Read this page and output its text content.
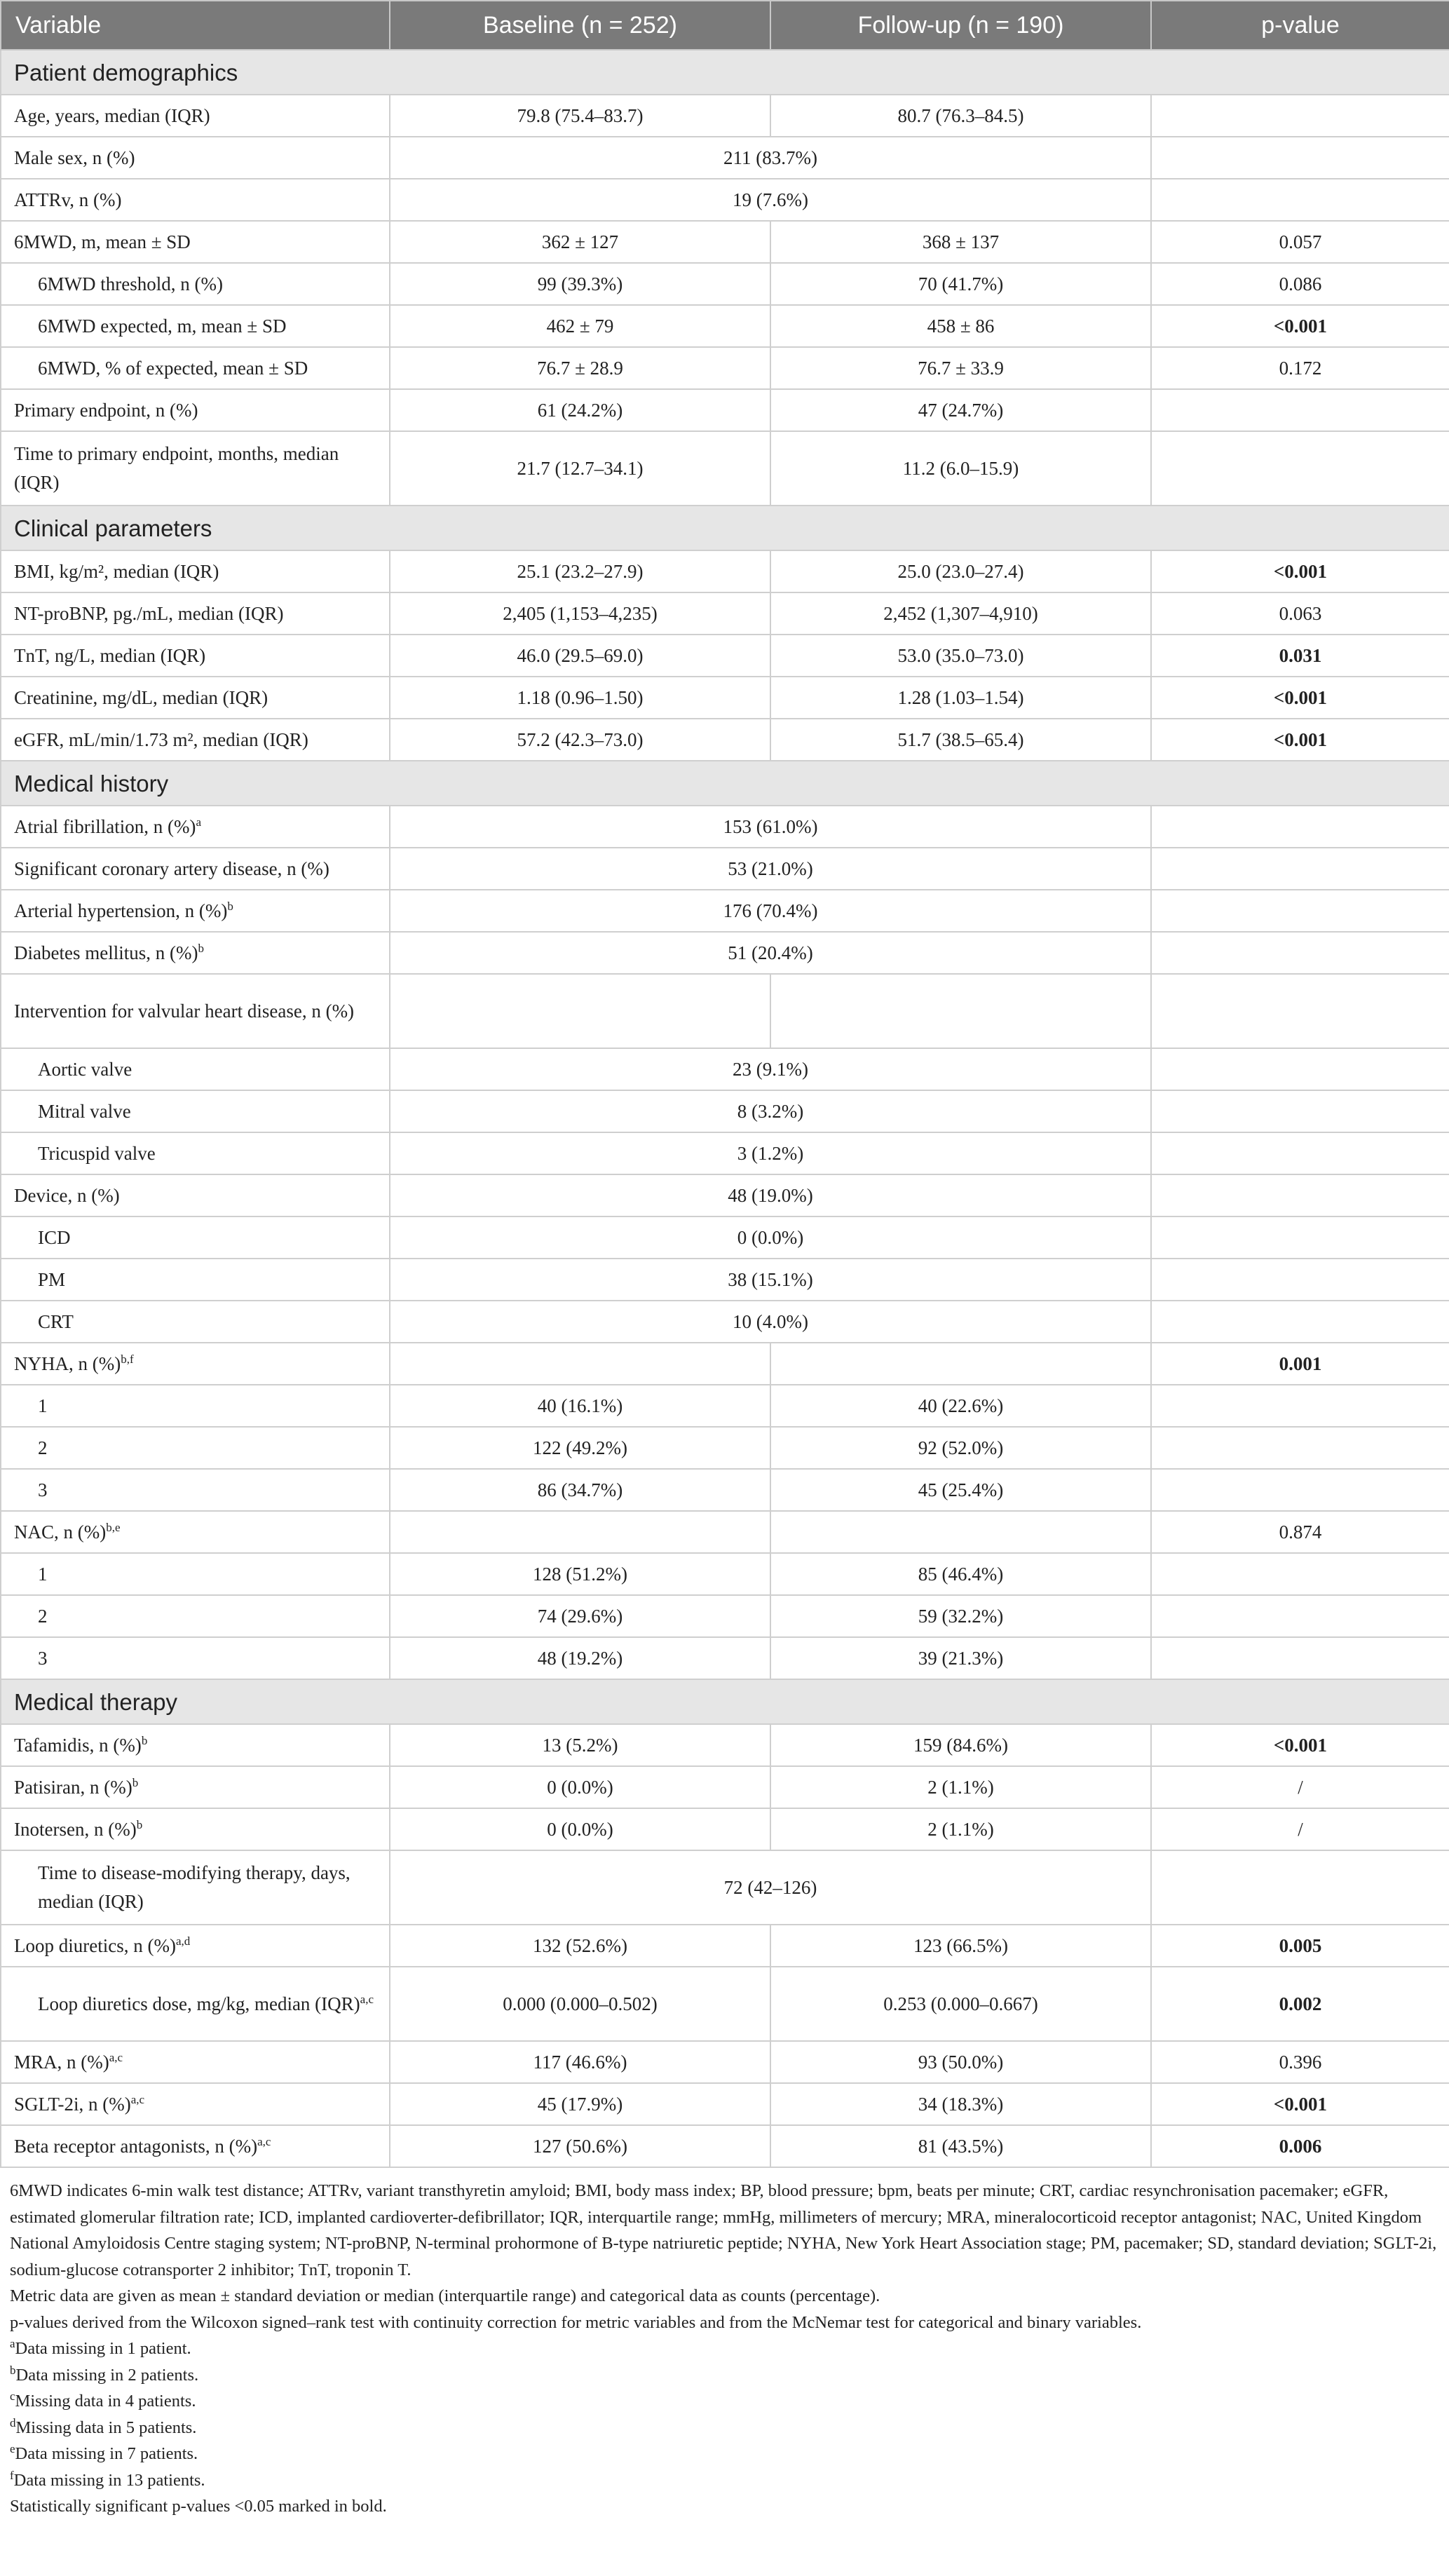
Variable	Baseline (n = 252)	Follow-up (n = 190)	p-value
Patient demographics			
Age, years, median (IQR)	79.8 (75.4–83.7)	80.7 (76.3–84.5)	
Male sex, n (%)	211 (83.7%)		
ATTRv, n (%)	19 (7.6%)		
6MWD, m, mean ± SD	362 ± 127	368 ± 137	0.057
6MWD threshold, n (%)	99 (39.3%)	70 (41.7%)	0.086
6MWD expected, m, mean ± SD	462 ± 79	458 ± 86	<0.001
6MWD, % of expected, mean ± SD	76.7 ± 28.9	76.7 ± 33.9	0.172
Primary endpoint, n (%)	61 (24.2%)	47 (24.7%)	
Time to primary endpoint, months, median (IQR)	21.7 (12.7–34.1)	11.2 (6.0–15.9)	
Clinical parameters			
BMI, kg/m², median (IQR)	25.1 (23.2–27.9)	25.0 (23.0–27.4)	<0.001
NT-proBNP, pg./mL, median (IQR)	2,405 (1,153–4,235)	2,452 (1,307–4,910)	0.063
TnT, ng/L, median (IQR)	46.0 (29.5–69.0)	53.0 (35.0–73.0)	0.031
Creatinine, mg/dL, median (IQR)	1.18 (0.96–1.50)	1.28 (1.03–1.54)	<0.001
eGFR, mL/min/1.73 m², median (IQR)	57.2 (42.3–73.0)	51.7 (38.5–65.4)	<0.001
Medical history			
Atrial fibrillation, n (%)$^a$	153 (61.0%)		
Significant coronary artery disease, n (%)	53 (21.0%)		
Arterial hypertension, n (%)$^b$	176 (70.4%)		
Diabetes mellitus, n (%)$^b$	51 (20.4%)		
Intervention for valvular heart disease, n (%)			
Aortic valve	23 (9.1%)		
Mitral valve	8 (3.2%)		
Tricuspid valve	3 (1.2%)		
Device, n (%)	48 (19.0%)		
ICD	0 (0.0%)		
PM	38 (15.1%)		
CRT	10 (4.0%)		
NYHA, n (%)$^{b,f}$			0.001
1	40 (16.1%)	40 (22.6%)	
2	122 (49.2%)	92 (52.0%)	
3	86 (34.7%)	45 (25.4%)	
NAC, n (%)$^{b,e}$			0.874
1	128 (51.2%)	85 (46.4%)	
2	74 (29.6%)	59 (32.2%)	
3	48 (19.2%)	39 (21.3%)	
Medical therapy			
Tafamidis, n (%)$^b$	13 (5.2%)	159 (84.6%)	<0.001
Patisiran, n (%)$^b$	0 (0.0%)	2 (1.1%)	/
Inotersen, n (%)$^b$	0 (0.0%)	2 (1.1%)	/
Time to disease-modifying therapy, days, median (IQR)	72 (42–126)		
Loop diuretics, n (%)$^{a,d}$	132 (52.6%)	123 (66.5%)	0.005
Loop diuretics dose, mg/kg, median (IQR)$^{a,c}$	0.000 (0.000–0.502)	0.253 (0.000–0.667)	0.002
MRA, n (%)$^{a,c}$	117 (46.6%)	93 (50.0%)	0.396
SGLT-2i, n (%)$^{a,c}$	45 (17.9%)	34 (18.3%)	<0.001
Beta receptor antagonists, n (%)$^{a,c}$	127 (50.6%)	81 (43.5%)	0.006

6MWD indicates 6-min walk test distance; ATTRv, variant transthyretin amyloid; BMI, body mass index; BP, blood pressure; bpm, beats per minute; CRT, cardiac resynchronisation pacemaker; eGFR, estimated glomerular filtration rate; ICD, implanted cardioverter-defibrillator; IQR, interquartile range; mmHg, millimeters of mercury; MRA, mineralocorticoid receptor antagonist; NAC, United Kingdom National Amyloidosis Centre staging system; NT-proBNP, N-terminal prohormone of B-type natriuretic peptide; NYHA, New York Heart Association stage; PM, pacemaker; SD, standard deviation; SGLT-2i, sodium-glucose cotransporter 2 inhibitor; TnT, troponin T.

Metric data are given as mean ± standard deviation or median (interquartile range) and categorical data as counts (percentage).

p-values derived from the Wilcoxon signed–rank test with continuity correction for metric variables and from the McNemar test for categorical and binary variables.

$^a$Data missing in 1 patient.

$^b$Data missing in 2 patients.

$^c$Missing data in 4 patients.

$^d$Missing data in 5 patients.

$^e$Data missing in 7 patients.

$^f$Data missing in 13 patients.

Statistically significant p-values <0.05 marked in bold.
